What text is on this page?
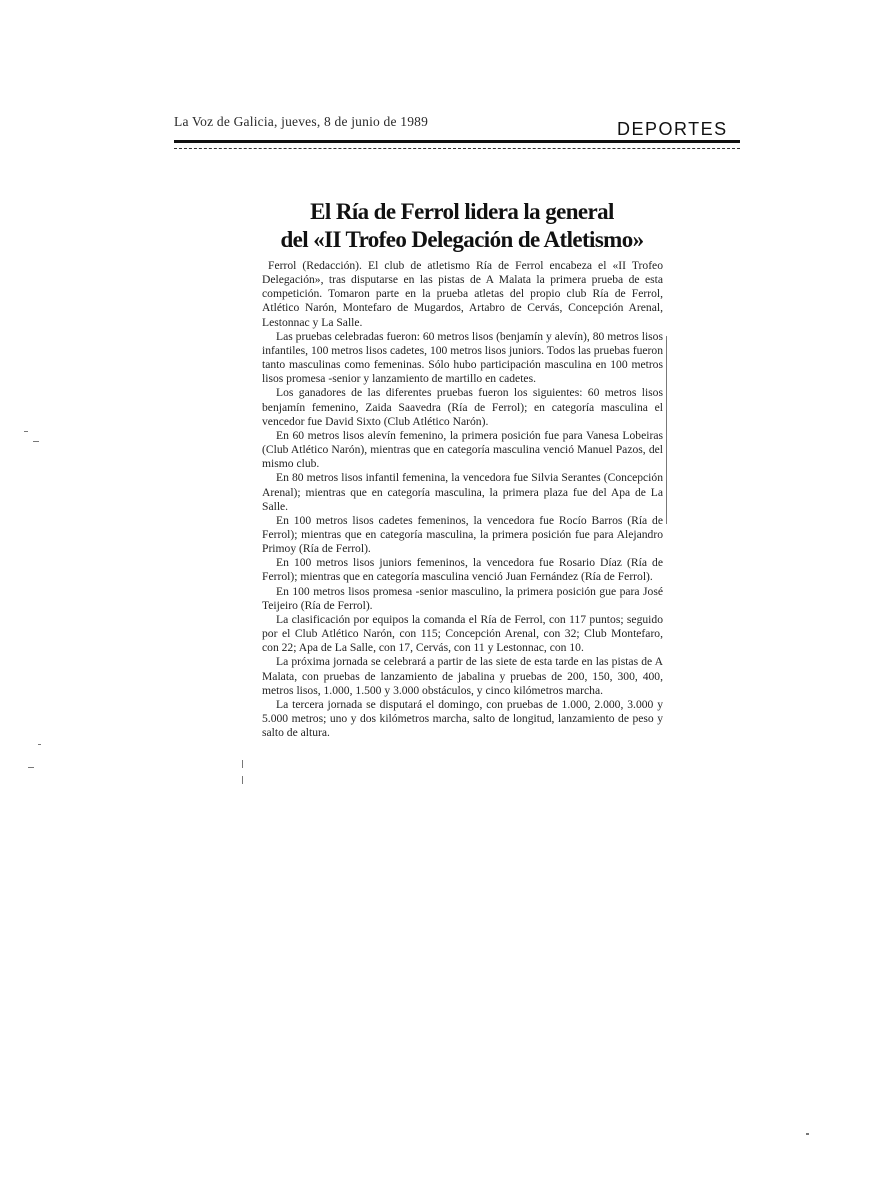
La Voz de Galicia, jueves, 8 de junio de 1989	DEPORTES
El Ría de Ferrol lidera la general
del «II Trofeo Delegación de Atletismo»

Ferrol (Redacción). El club de atletismo Ría de Ferrol encabeza el «II Trofeo Delegación», tras disputarse en las pistas de A Malata la primera prueba de esta competición. Tomaron parte en la prueba atletas del propio club Ría de Ferrol, Atlético Narón, Montefaro de Mugardos, Artabro de Cervás, Concepción Arenal, Lestonnac y La Salle.

Las pruebas celebradas fueron: 60 metros lisos (benjamín y alevín), 80 metros lisos infantiles, 100 metros lisos cadetes, 100 metros lisos juniors. Todos las pruebas fueron tanto masculinas como femeninas. Sólo hubo participación masculina en 100 metros lisos promesa -senior y lanzamiento de martillo en cadetes.

Los ganadores de las diferentes pruebas fueron los siguientes: 60 metros lisos benjamín femenino, Zaida Saavedra (Ría de Ferrol); en categoría masculina el vencedor fue David Sixto (Club Atlético Narón).

En 60 metros lisos alevín femenino, la primera posición fue para Vanesa Lobeiras (Club Atlético Narón), mientras que en categoría masculina venció Manuel Pazos, del mismo club.

En 80 metros lisos infantil femenina, la vencedora fue Silvia Serantes (Concepción Arenal); mientras que en categoría masculina, la primera plaza fue del Apa de La Salle.

En 100 metros lisos cadetes femeninos, la vencedora fue Rocío Barros (Ría de Ferrol); mientras que en categoría masculina, la primera posición fue para Alejandro Primoy (Ría de Ferrol).

En 100 metros lisos juniors femeninos, la vencedora fue Rosario Díaz (Ría de Ferrol); mientras que en categoría masculina venció Juan Fernández (Ría de Ferrol).

En 100 metros lisos promesa -senior masculino, la primera posición gue para José Teijeiro (Ría de Ferrol).

La clasificación por equipos la comanda el Ría de Ferrol, con 117 puntos; seguido por el Club Atlético Narón, con 115; Concepción Arenal, con 32; Club Montefaro, con 22; Apa de La Salle, con 17, Cervás, con 11 y Lestonnac, con 10.

La próxima jornada se celebrará a partir de las siete de esta tarde en las pistas de A Malata, con pruebas de lanzamiento de jabalina y pruebas de 200, 150, 300, 400, metros lisos, 1.000, 1.500 y 3.000 obstáculos, y cinco kilómetros marcha.

La tercera jornada se disputará el domingo, con pruebas de 1.000, 2.000, 3.000 y 5.000 metros; uno y dos kilómetros marcha, salto de longitud, lanzamiento de peso y salto de altura.
